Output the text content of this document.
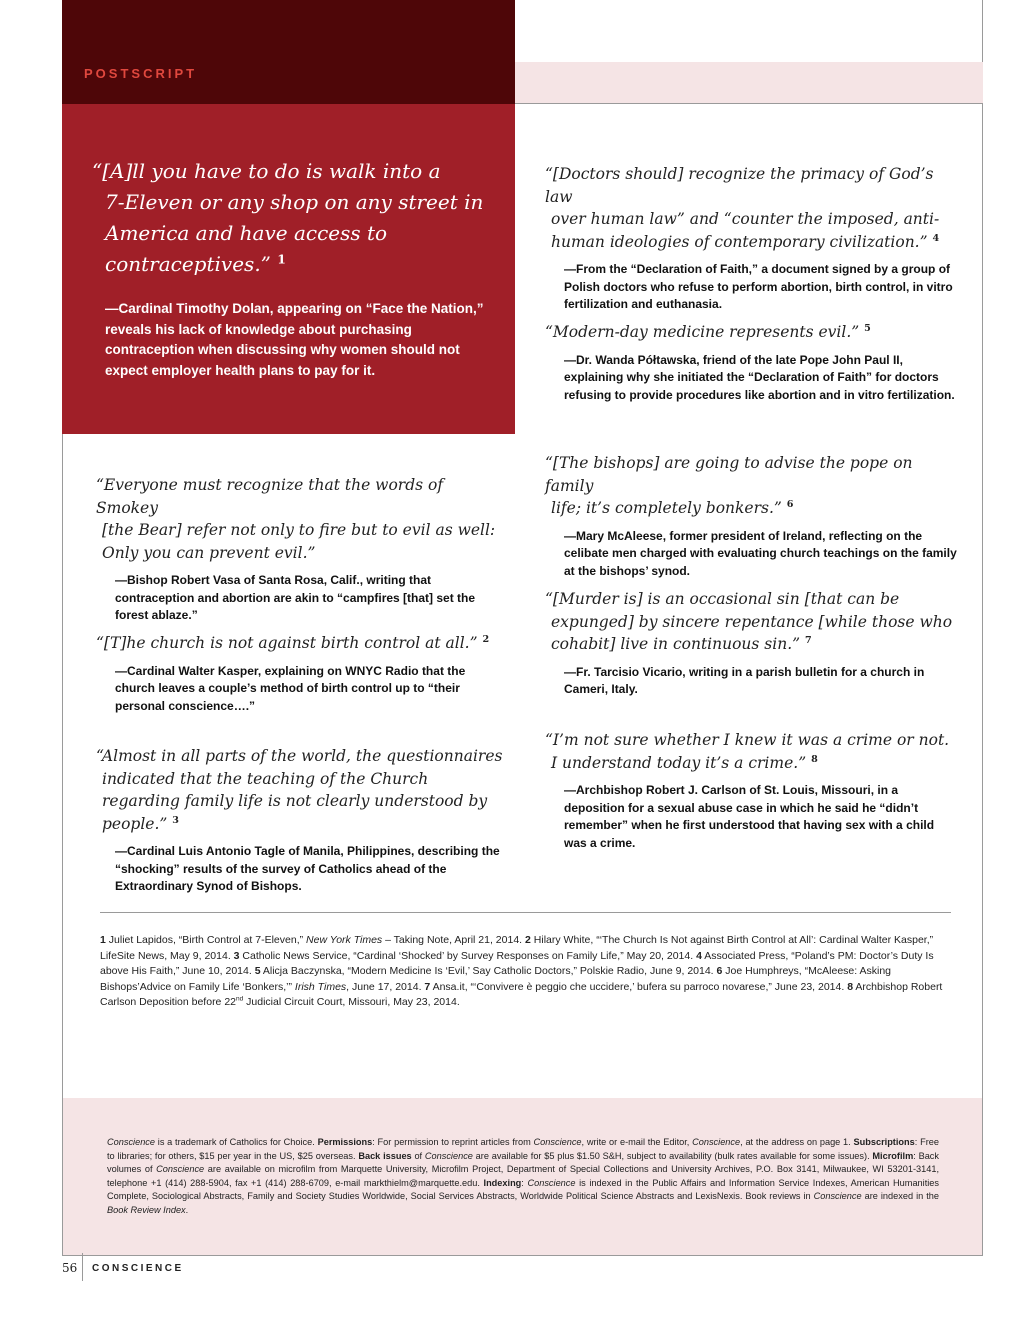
POSTSCRIPT
“[A]ll you have to do is walk into a
7-Eleven or any shop on any street in America and have access to contraceptives.” $^1$
—Cardinal Timothy Dolan, appearing on “Face the Nation,” reveals his lack of knowledge about purchasing contraception when discussing why women should not expect employer health plans to pay for it.
“Everyone must recognize that the words of Smokey
[the Bear] refer not only to fire but to evil as well: Only you can prevent evil.”
—Bishop Robert Vasa of Santa Rosa, Calif., writing that contraception and abortion are akin to “campfires [that] set the forest ablaze.”
“[T]he church is not against birth control at all.” $^2$
—Cardinal Walter Kasper, explaining on WNYC Radio that the church leaves a couple’s method of birth control up to “their personal conscience….”
“Almost in all parts of the world, the questionnaires
indicated that the teaching of the Church regarding family life is not clearly understood by people.” $^3$
—Cardinal Luis Antonio Tagle of Manila, Philippines, describing the “shocking” results of the survey of Catholics ahead of the Extraordinary Synod of Bishops.
“[Doctors should] recognize the primacy of God’s law
over human law” and “counter the imposed, anti-human ideologies of contemporary civilization.” $^4$
—From the “Declaration of Faith,” a document signed by a group of Polish doctors who refuse to perform abortion, birth control, in vitro fertilization and euthanasia.
“Modern-day medicine represents evil.” $^5$
—Dr. Wanda Półtawska, friend of the late Pope John Paul II, explaining why she initiated the “Declaration of Faith” for doctors refusing to provide procedures like abortion and in vitro fertilization.
“[The bishops] are going to advise the pope on family
life; it’s completely bonkers.” $^6$
—Mary McAleese, former president of Ireland, reflecting on the celibate men charged with evaluating church teachings on the family at the bishops’ synod.
“[Murder is] is an occasional sin [that can be
expunged] by sincere repentance [while those who cohabit] live in continuous sin.” $^7$
—Fr. Tarcisio Vicario, writing in a parish bulletin for a church in Cameri, Italy.
“I’m not sure whether I knew it was a crime or not.
I understand today it’s a crime.” $^8$
—Archbishop Robert J. Carlson of St. Louis, Missouri, in a deposition for a sexual abuse case in which he said he “didn’t remember” when he first understood that having sex with a child was a crime.
1 Juliet Lapidos, “Birth Control at 7-Eleven,” New York Times – Taking Note, April 21, 2014. 2 Hilary White, “‘The Church Is Not against Birth Control at All’: Cardinal Walter Kasper,” LifeSite News, May 9, 2014. 3 Catholic News Service, “Cardinal ‘Shocked’ by Survey Responses on Family Life,” May 20, 2014. 4 Associated Press, “Poland’s PM: Doctor’s Duty Is above His Faith,” June 10, 2014. 5 Alicja Baczynska, “Modern Medicine Is ‘Evil,’ Say Catholic Doctors,” Polskie Radio, June 9, 2014. 6 Joe Humphreys, “McAleese: Asking Bishops’Advice on Family Life ‘Bonkers,’” Irish Times, June 17, 2014. 7 Ansa.it, “‘Convivere è peggio che uccidere,’ bufera su parroco novarese,” June 23, 2014. 8 Archbishop Robert Carlson Deposition before 22nd Judicial Circuit Court, Missouri, May 23, 2014.
Conscience is a trademark of Catholics for Choice. Permissions: For permission to reprint articles from Conscience, write or e-mail the Editor, Conscience, at the address on page 1. Subscriptions: Free to libraries; for others, $15 per year in the US, $25 overseas. Back issues of Conscience are available for $5 plus $1.50 S&H, subject to availability (bulk rates available for some issues). Microfilm: Back volumes of Conscience are available on microfilm from Marquette University, Microfilm Project, Department of Special Collections and University Archives, P.O. Box 3141, Milwaukee, WI 53201-3141, telephone +1 (414) 288-5904, fax +1 (414) 288-6709, e-mail markthielm@marquette.edu. Indexing: Conscience is indexed in the Public Affairs and Information Service Indexes, American Humanities Complete, Sociological Abstracts, Family and Society Studies Worldwide, Social Services Abstracts, Worldwide Political Science Abstracts and LexisNexis. Book reviews in Conscience are indexed in the Book Review Index.
56 CONSCIENCE
